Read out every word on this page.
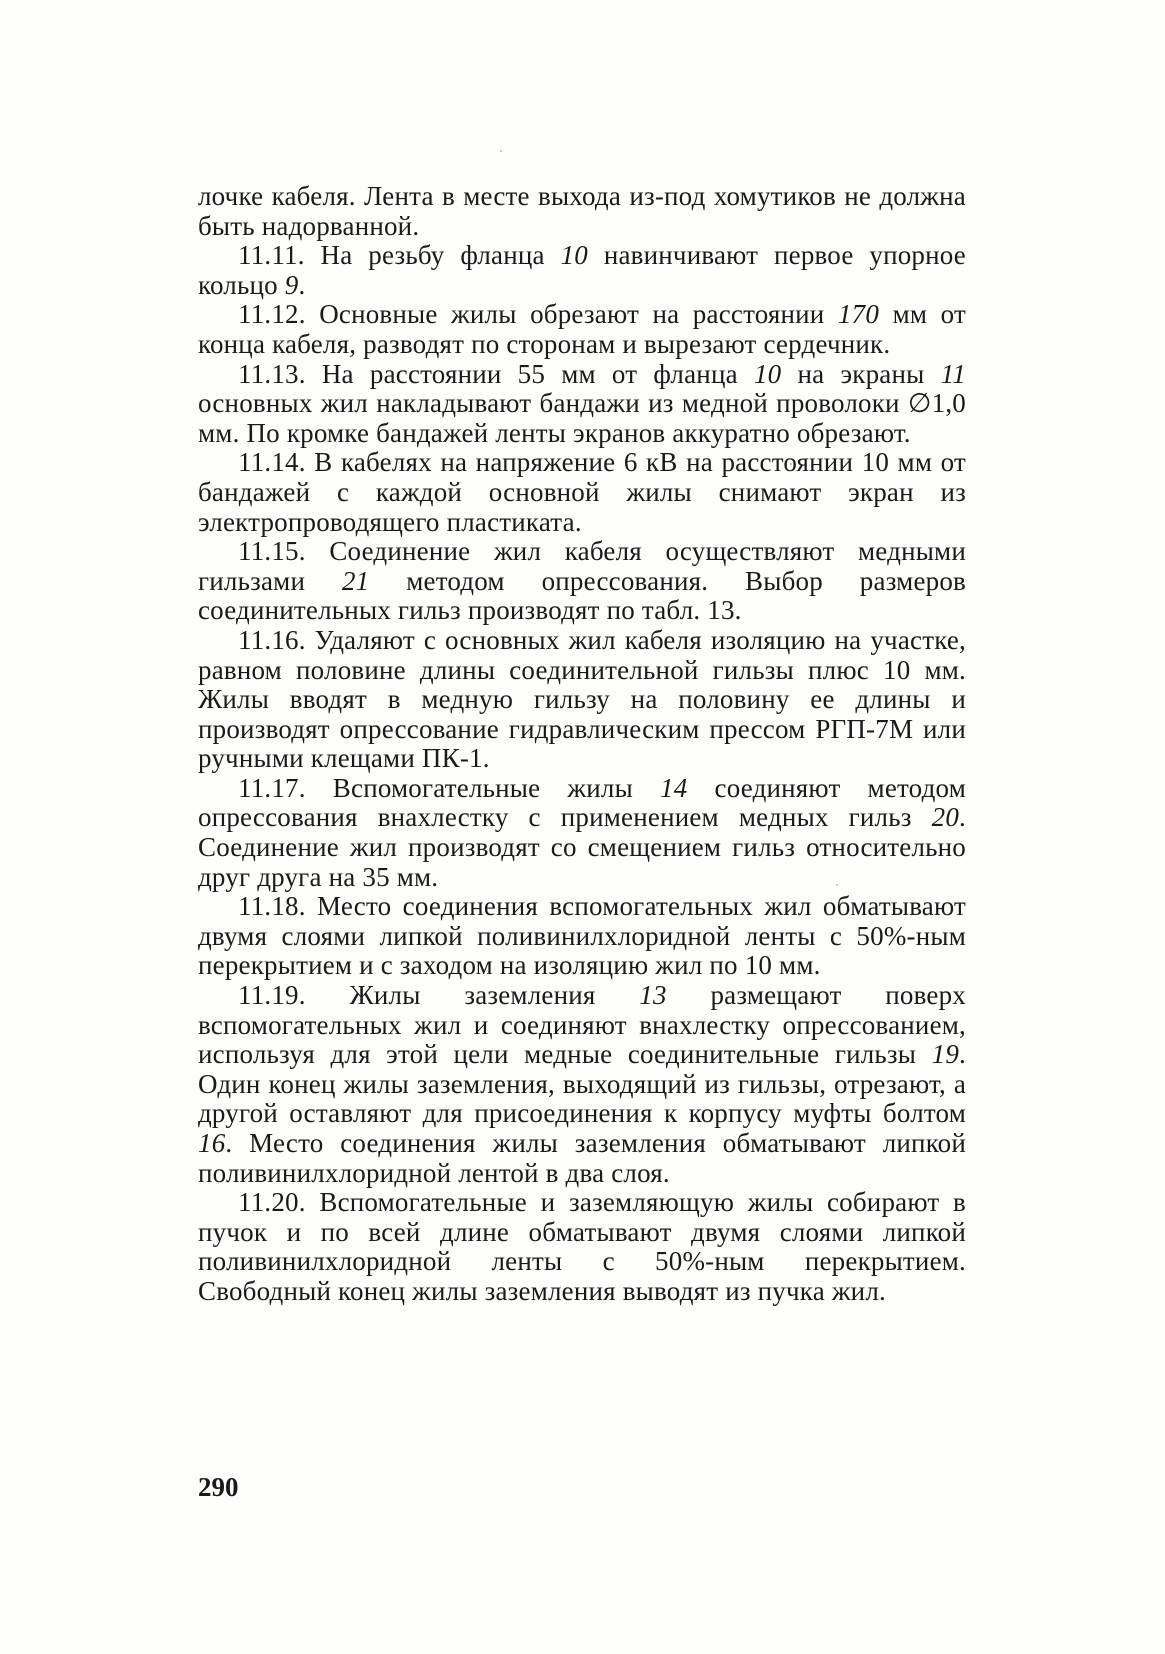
лочке кабеля. Лента в месте выхода из-под хомутиков не должна быть надорванной.

11.11. На резьбу фланца 10 навинчивают первое упорное кольцо 9.

11.12. Основные жилы обрезают на расстоянии 170 мм от конца кабеля, разводят по сторонам и вырезают сердечник.

11.13. На расстоянии 55 мм от фланца 10 на экраны 11 основных жил накладывают бандажи из медной проволоки ∅1,0 мм. По кромке бандажей ленты экранов аккуратно обрезают.

11.14. В кабелях на напряжение 6 кВ на расстоянии 10 мм от бандажей с каждой основной жилы снимают экран из электропроводящего пластиката.

11.15. Соединение жил кабеля осуществляют медными гильзами 21 методом опрессования. Выбор размеров соединительных гильз производят по табл. 13.

11.16. Удаляют с основных жил кабеля изоляцию на участке, равном половине длины соединительной гильзы плюс 10 мм. Жилы вводят в медную гильзу на половину ее длины и производят опрессование гидравлическим прессом РГП-7М или ручными клещами ПК-1.

11.17. Вспомогательные жилы 14 соединяют методом опрессования внахлестку с применением медных гильз 20. Соединение жил производят со смещением гильз относительно друг друга на 35 мм.

11.18. Место соединения вспомогательных жил обматывают двумя слоями липкой поливинилхлоридной ленты с 50%-ным перекрытием и с заходом на изоляцию жил по 10 мм.

11.19. Жилы заземления 13 размещают поверх вспомогательных жил и соединяют внахлестку опрессованием, используя для этой цели медные соединительные гильзы 19. Один конец жилы заземления, выходящий из гильзы, отрезают, а другой оставляют для присоединения к корпусу муфты болтом 16. Место соединения жилы заземления обматывают липкой поливинилхлоридной лентой в два слоя.

11.20. Вспомогательные и заземляющую жилы собирают в пучок и по всей длине обматывают двумя слоями липкой поливинилхлоридной ленты с 50%-ным перекрытием. Свободный конец жилы заземления выводят из пучка жил.

290
